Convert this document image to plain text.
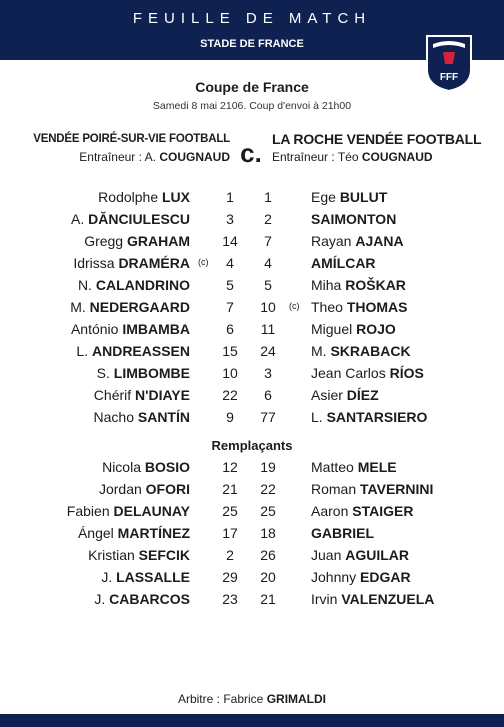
FEUILLE DE MATCH
STADE DE FRANCE
FFF
Coupe de France
Samedi 8 mai 2106. Coup d'envoi à 21h00
VENDÉE POIRÉ-SUR-VIE FOOTBALL
Entraîneur : A. COUGNAUD c. LA ROCHE VENDÉE FOOTBALL
Entraîneur : Téo COUGNAUD
Rodolphe LUX	1	1	Ege BULUT
A. DĂNCIULESCU	3	2	SAIMONTON
Gregg GRAHAM	14	7	Rayan AJANA
Idrissa DRAMÉRA (c)	4	4	AMÍLCAR
N. CALANDRINO	5	5	Miha ROŠKAR
M. NEDERGAARD	7	10	(c) Theo THOMAS
António IMBAMBA	6	11	Miguel ROJO
L. ANDREASSEN	15	24	M. SKRABACK
S. LIMBOMBE	10	3	Jean Carlos RÍOS
Chérif N'DIAYE	22	6	Asier DÍEZ
Nacho SANTÍN	9	77	L. SANTARSIERO
Remplaçants
Nicola BOSIO	12	19	Matteo MELE
Jordan OFORI	21	22	Roman TAVERNINI
Fabien DELAUNAY	25	25	Aaron STAIGER
Ángel MARTÍNEZ	17	18	GABRIEL
Kristian SEFCIK	2	26	Juan AGUILAR
J. LASSALLE	29	20	Johnny EDGAR
J. CABARCOS	23	21	Irvin VALENZUELA
Arbitre : Fabrice GRIMALDI
